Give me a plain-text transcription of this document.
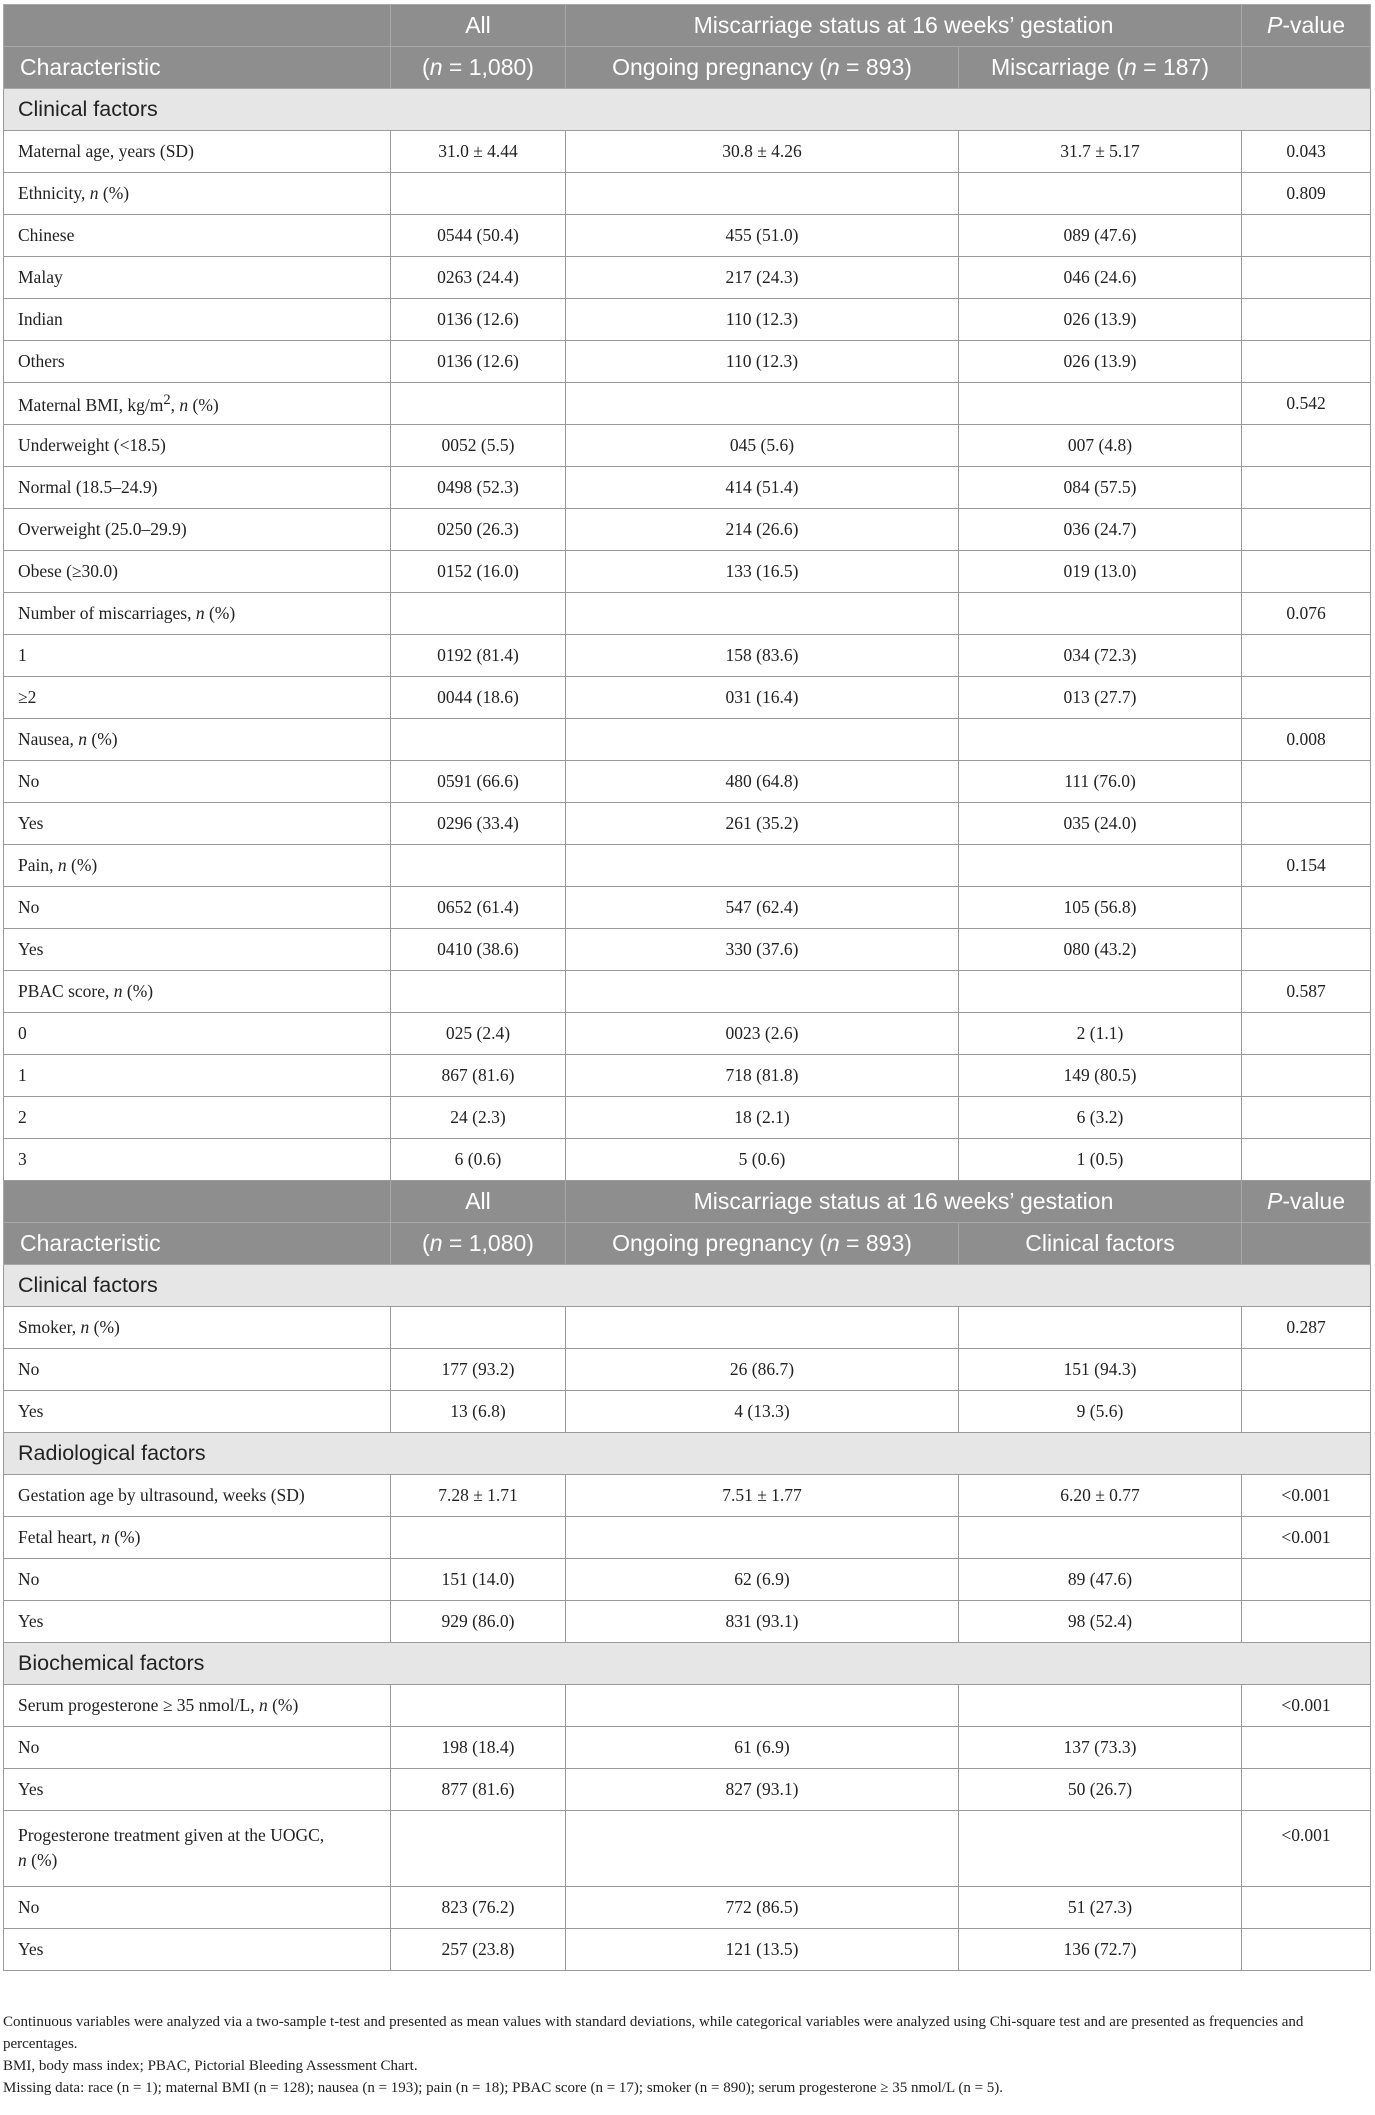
	All	Miscarriage status at 16 weeks’ gestation		P-value
Characteristic	(n = 1,080)	Ongoing pregnancy (n = 893)	Miscarriage (n = 187)	
Clinical factors				
Maternal age, years (SD)	31.0 ± 4.44	30.8 ± 4.26	31.7 ± 5.17	0.043
Ethnicity, n (%)				0.809
Chinese	0544 (50.4)	455 (51.0)	089 (47.6)	
Malay	0263 (24.4)	217 (24.3)	046 (24.6)	
Indian	0136 (12.6)	110 (12.3)	026 (13.9)	
Others	0136 (12.6)	110 (12.3)	026 (13.9)	
Maternal BMI, $kg/m^2$, n (%)				0.542
Underweight (<18.5)	0052 (5.5)	045 (5.6)	007 (4.8)	
Normal (18.5–24.9)	0498 (52.3)	414 (51.4)	084 (57.5)	
Overweight (25.0–29.9)	0250 (26.3)	214 (26.6)	036 (24.7)	
Obese (≥30.0)	0152 (16.0)	133 (16.5)	019 (13.0)	
Number of miscarriages, n (%)				0.076
1	0192 (81.4)	158 (83.6)	034 (72.3)	
≥2	0044 (18.6)	031 (16.4)	013 (27.7)	
Nausea, n (%)				0.008
No	0591 (66.6)	480 (64.8)	111 (76.0)	
Yes	0296 (33.4)	261 (35.2)	035 (24.0)	
Pain, n (%)				0.154
No	0652 (61.4)	547 (62.4)	105 (56.8)	
Yes	0410 (38.6)	330 (37.6)	080 (43.2)	
PBAC score, n (%)				0.587
0	025 (2.4)	0023 (2.6)	2 (1.1)	
1	867 (81.6)	718 (81.8)	149 (80.5)	
2	24 (2.3)	18 (2.1)	6 (3.2)	
3	6 (0.6)	5 (0.6)	1 (0.5)	
	All	Miscarriage status at 16 weeks’ gestation		P-value
Characteristic	(n = 1,080)	Ongoing pregnancy (n = 893)	Clinical factors	
Clinical factors				
Smoker, n (%)				0.287
No	177 (93.2)	26 (86.7)	151 (94.3)	
Yes	13 (6.8)	4 (13.3)	9 (5.6)	
Radiological factors				
Gestation age by ultrasound, weeks (SD)	7.28 ± 1.71	7.51 ± 1.77	6.20 ± 0.77	<0.001
Fetal heart, n (%)				<0.001
No	151 (14.0)	62 (6.9)	89 (47.6)	
Yes	929 (86.0)	831 (93.1)	98 (52.4)	
Biochemical factors				
Serum progesterone ≥ 35 nmol/L, n (%)				<0.001
No	198 (18.4)	61 (6.9)	137 (73.3)	
Yes	877 (81.6)	827 (93.1)	50 (26.7)	
Progesterone treatment given at the UOGC,
n (%)				<0.001
No	823 (76.2)	772 (86.5)	51 (27.3)	
Yes	257 (23.8)	121 (13.5)	136 (72.7)	

Continuous variables were analyzed via a two-sample t-test and presented as mean values with standard deviations, while categorical variables were analyzed using Chi-square test and are presented as frequencies and percentages.

BMI, body mass index; PBAC, Pictorial Bleeding Assessment Chart.

Missing data: race (n = 1); maternal BMI (n = 128); nausea (n = 193); pain (n = 18); PBAC score (n = 17); smoker (n = 890); serum progesterone ≥ 35 nmol/L (n = 5).
